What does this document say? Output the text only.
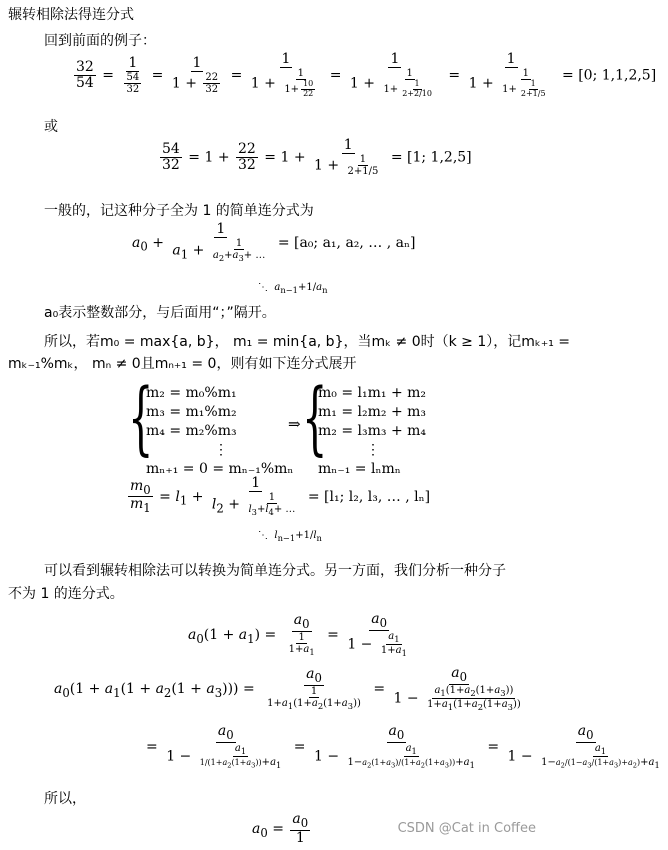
辗转相除法得连分式
回到前面的例子：
$\frac{32}{54} = \frac{1}{\frac{54}{32}} = \frac{1}{1 + \frac{22}{32}} = \frac{1}{1 + \frac{1}{1+ \frac{10}{22}}} = \frac{1}{1 + \frac{1}{1+ \frac{1}{2+2/10}}} = \frac{1}{1 + \frac{1}{1+ \frac{1}{2+1/5}}} = [0$; 1,1,2,5]
或
$\frac{54}{32} = 1 + \frac{22}{32} = 1 + \frac{1}{1 + \frac{1}{2+1/5}} = [1$; 1,2,5]
一般的，记这种分子全为 1 的简单连分式为
$a_0 + \frac{1}{a_1 + \frac{1}{a_2+a_3+ \dots}} = [a_0$; a₁, a₂, … , aₙ]
⋱  $a_{n-1}+1/a_n$
a₀表示整数部分，与后面用“；”隔开。
所以，若m₀ = max{a, b}， m₁ = min{a, b}，当mₖ ≠ 0时（k ≥ 1），记mₖ₊₁ =
mₖ₋₁%mₖ， mₙ ≠ 0且mₙ₊₁ = 0，则有如下连分式展开
{
m₂ = m₀%m₁
m₃ = m₁%m₂
m₄ = m₂%m₃
⋮
mₙ₊₁ = 0 = mₙ₋₁%mₙ
⇒ {
m₀ = l₁m₁ + m₂
m₁ = l₂m₂ + m₃
m₂ = l₃m₃ + m₄
⋮
mₙ₋₁ = lₙmₙ
$\frac{m_0}{m_1} = l_1 + \frac{1}{l_2 + \frac{1}{l_3+l_4+ \dots}} = [l_1$; l₂, l₃, … , lₙ]
⋱  $l_{n-1}+1/l_n$
可以看到辗转相除法可以转换为简单连分式。另一方面，我们分析一种分子
不为 1 的连分式。
$a_0(1 + a_1) = \frac{a_0}{\frac{1}{1+a_1}} = \frac{a_0}{1 - \frac{a_1}{1+a_1}}$
$a_0(1 + a_1(1 + a_2(1 + a_3))) = \frac{a_0}{\frac{1}{1+a_1(1+a_2(1+a_3))}} = \frac{a_0}{1 - \frac{a_1(1+a_2(1+a_3))}{1+a_1(1+a_2(1+a_3))}}$
= $\frac{a_0}{1 - \frac{a_1}{1/(1+a_2(1+a_3))+a_1}} = \frac{a_0}{1 - \frac{a_1}{1-a_2(1+a_3)/(1+a_2(1+a_3))+a_1}} = \frac{a_0}{1 - \frac{a_1}{1-a_2/(1-a_3/(1+a_3)+a_2)+a_1}}$
所以，
$a_0 = \frac{a_0}{1}$	CSDN @Cat in Coffee
